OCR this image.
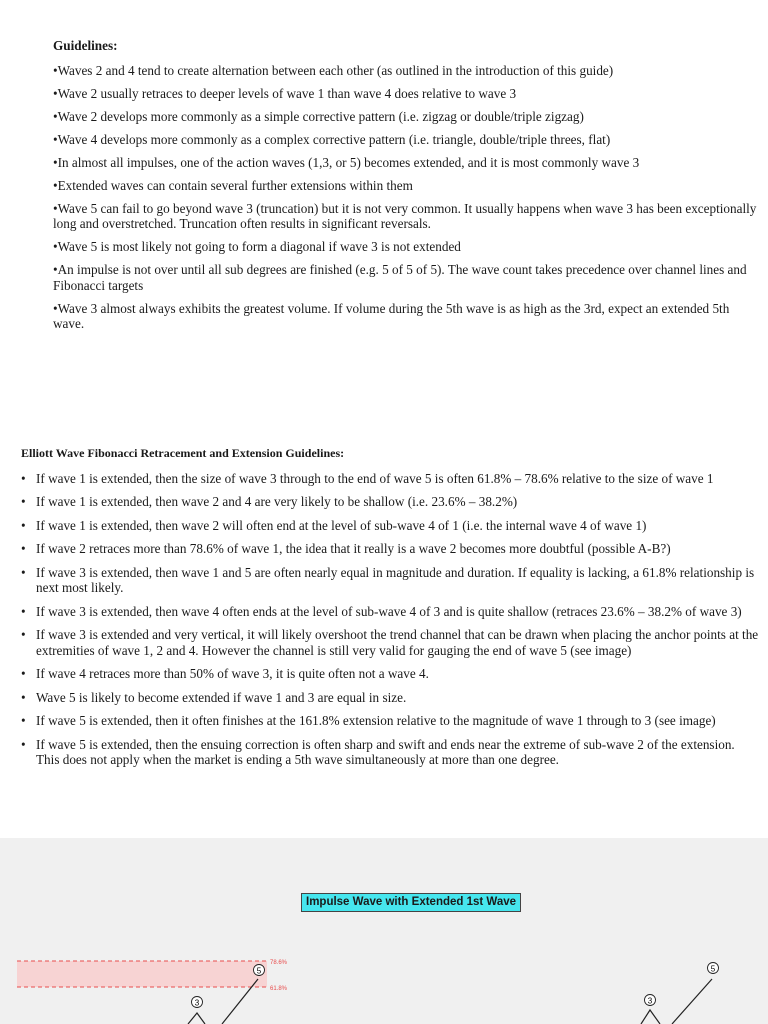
Guidelines:
•Waves 2 and 4 tend to create alternation between each other (as outlined in the introduction of this guide)
•Wave 2 usually retraces to deeper levels of wave 1 than wave 4 does relative to wave 3
•Wave 2 develops more commonly as a simple corrective pattern (i.e. zigzag or double/triple zigzag)
•Wave 4 develops more commonly as a complex corrective pattern (i.e. triangle, double/triple threes, flat)
•In almost all impulses, one of the action waves (1,3, or 5) becomes extended, and it is most commonly wave 3
•Extended waves can contain several further extensions within them
•Wave 5 can fail to go beyond wave 3 (truncation) but it is not very common. It usually happens when wave 3 has been exceptionally long and overstretched. Truncation often results in significant reversals.
•Wave 5 is most likely not going to form a diagonal if wave 3 is not extended
•An impulse is not over until all sub degrees are finished (e.g. 5 of 5 of 5). The wave count takes precedence over channel lines and Fibonacci targets
•Wave 3 almost always exhibits the greatest volume. If volume during the 5th wave is as high as the 3rd, expect an extended 5th wave.
Elliott Wave Fibonacci Retracement and Extension Guidelines:
• If wave 1 is extended, then the size of wave 3 through to the end of wave 5 is often 61.8% – 78.6% relative to the size of wave 1
• If wave 1 is extended, then wave 2 and 4 are very likely to be shallow (i.e. 23.6% – 38.2%)
• If wave 1 is extended, then wave 2 will often end at the level of sub-wave 4 of 1 (i.e. the internal wave 4 of wave 1)
• If wave 2 retraces more than 78.6% of wave 1, the idea that it really is a wave 2 becomes more doubtful (possible A-B?)
• If wave 3 is extended, then wave 1 and 5 are often nearly equal in magnitude and duration. If equality is lacking, a 61.8% relationship is next most likely.
• If wave 3 is extended, then wave 4 often ends at the level of sub-wave 4 of 3 and is quite shallow (retraces 23.6% – 38.2% of wave 3)
• If wave 3 is extended and very vertical, it will likely overshoot the trend channel that can be drawn when placing the anchor points at the extremities of wave 1, 2 and 4. However the channel is still very valid for gauging the end of wave 5 (see image)
• If wave 4 retraces more than 50% of wave 3, it is quite often not a wave 4.
• Wave 5 is likely to become extended if wave 1 and 3 are equal in size.
• If wave 5 is extended, then it often finishes at the 161.8% extension relative to the magnitude of wave 1 through to 3 (see image)
• If wave 5 is extended, then the ensuing correction is often sharp and swift and ends near the extreme of sub-wave 2 of the extension. This does not apply when the market is ending a 5th wave simultaneously at more than one degree.
78.6%
61.8%
3
5
3
5
Impulse Wave with Extended 1st Wave
